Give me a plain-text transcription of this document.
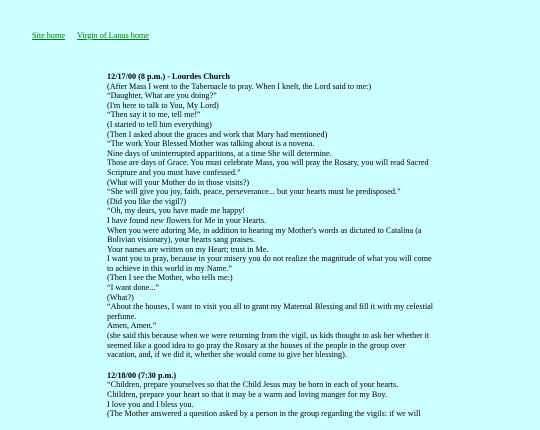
Site home Virgin of Lanus home
12/17/00 (8 p.m.) - Lourdes Church
(After Mass I went to the Tabernacle to pray. When I knelt, the Lord said to me:)
“Daughter, What are you doing?”
(I'm here to talk to You, My Lord)
“Then say it to me, tell me!”
(I started to tell him everything)
(Then I asked about the graces and work that Mary had mentioned)
“The work Your Blessed Mother was talking about is a novena.
Nine days of uninterrupted apparitions, at a time She will determine.
Those are days of Grace. You must celebrate Mass, you will pray the Rosary, you will read Sacred Scripture and you must have confessed.”
(What will your Mother do in those visits?)
“She will give you joy, faith, peace, perseverance... but your hearts must be predisposed.”
(Did you like the vigil?)
“Oh, my dears, you have made me happy!
I have found new flowers for Me in your Hearts.
When you were adoring Me, in addition to hearing my Mother's words as dictated to Catalina (a Bolivian visionary), your hearts sang praises.
Your names are written on my Heart; trust in Me.
I want you to pray, because in your misery you do not realize the magnitude of what you will come to achieve in this world in my Name.”
(Then I see the Mother, who tells me:)
“I want done...”
(What?)
“About the houses, I want to visit you all to grant my Maternal Blessing and fill it with my celestial perfume.
Amen, Amen.”
(she said this because when we were returning from the vigil, us kids thought to ask her whether it seemed like a good idea to go pray the Rosary at the houses of the people in the group over vacation, and, if we did it, whether she would come to give her blessing).
12/18/00 (7:30 p.m.)
“Children, prepare yourselves so that the Child Jesus may be born in each of your hearts.
Children, prepare your heart so that it may be a warm and loving manger for my Boy.
I love you and I bless you.
(The Mother answered a question asked by a person in the group regarding the vigils: if we will
